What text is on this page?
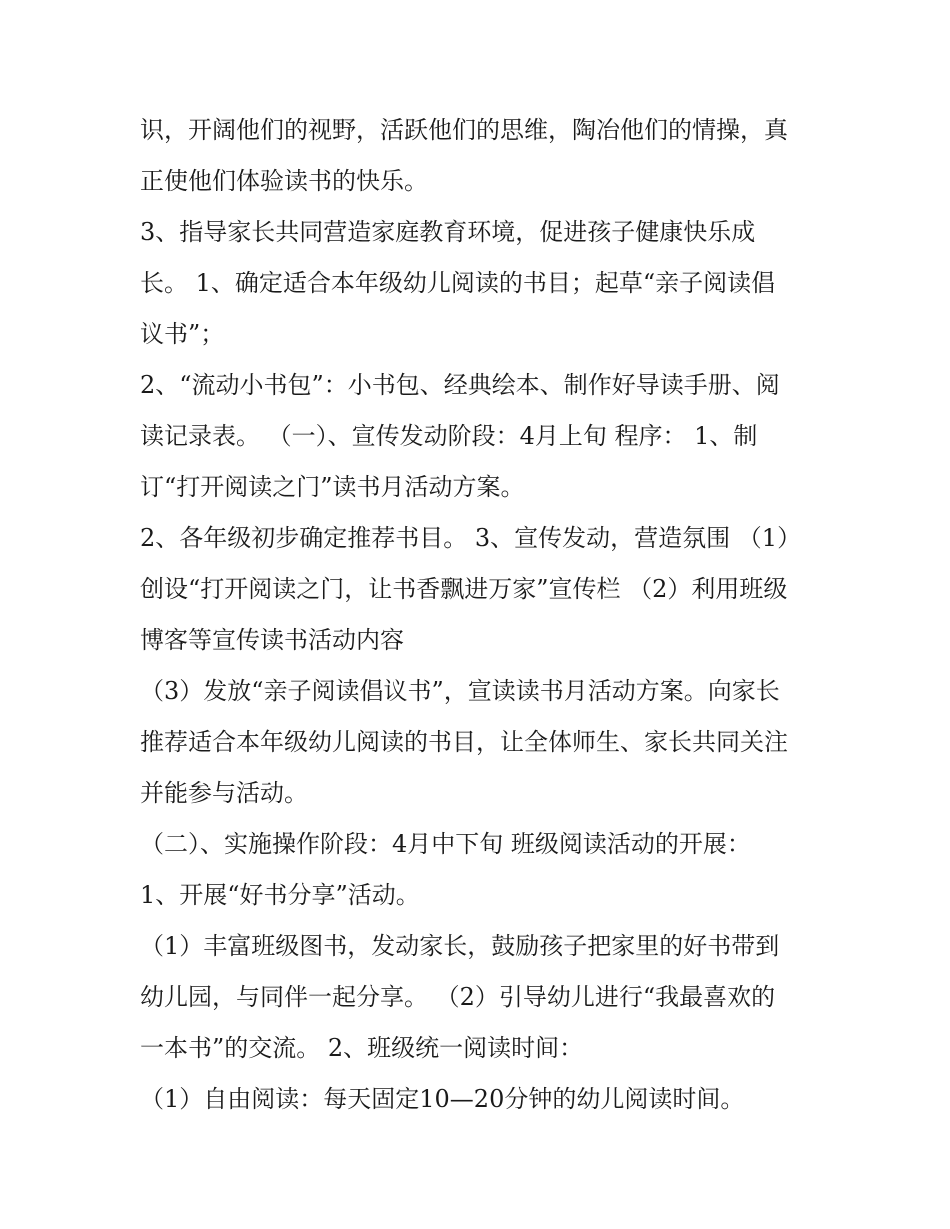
识，开阔他们的视野，活跃他们的思维，陶冶他们的情操，真
正使他们体验读书的快乐。
3、指导家长共同营造家庭教育环境，促进孩子健康快乐成
长。 1、确定适合本年级幼儿阅读的书目；起草“亲子阅读倡
议书”；
2、“流动小书包”：小书包、经典绘本、制作好导读手册、阅
读记录表。 （一）、宣传发动阶段：4月上旬 程序： 1、制
订“打开阅读之门”读书月活动方案。
2、各年级初步确定推荐书目。 3、宣传发动，营造氛围 （1）
创设“打开阅读之门，让书香飘进万家”宣传栏 （2）利用班级
博客等宣传读书活动内容
（3）发放“亲子阅读倡议书”，宣读读书月活动方案。向家长
推荐适合本年级幼儿阅读的书目，让全体师生、家长共同关注
并能参与活动。
（二）、实施操作阶段：4月中下旬 班级阅读活动的开展：
1、开展“好书分享”活动。
（1）丰富班级图书，发动家长，鼓励孩子把家里的好书带到
幼儿园，与同伴一起分享。 （2）引导幼儿进行“我最喜欢的
一本书”的交流。 2、班级统一阅读时间：
（1）自由阅读：每天固定10—20分钟的幼儿阅读时间。
